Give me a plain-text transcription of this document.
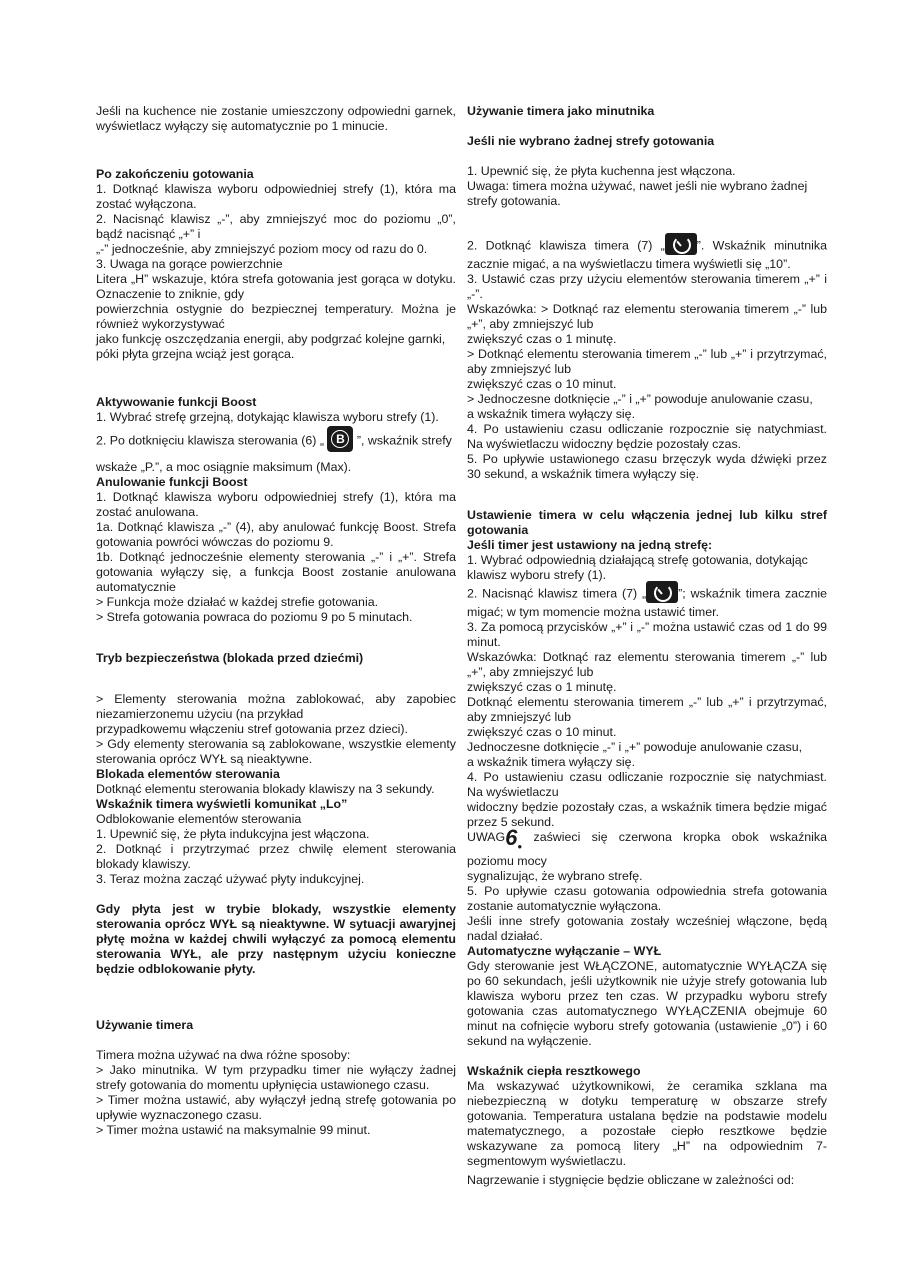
Jeśli na kuchence nie zostanie umieszczony odpowiedni garnek, wyświetlacz wyłączy się automatycznie po 1 minucie.

Po zakończeniu gotowania

1. Dotknąć klawisza wyboru odpowiedniej strefy (1), która ma zostać wyłączona.

2. Nacisnąć klawisz „-”, aby zmniejszyć moc do poziomu „0”, bądź nacisnąć „+” i

„-” jednocześnie, aby zmniejszyć poziom mocy od razu do 0.

3. Uwaga na gorące powierzchnie

Litera „H” wskazuje, która strefa gotowania jest gorąca w dotyku. Oznaczenie to zniknie, gdy

powierzchnia ostygnie do bezpiecznej temperatury. Można je również wykorzystywać

jako funkcję oszczędzania energii, aby podgrzać kolejne garnki,

póki płyta grzejna wciąż jest gorąca.

Aktywowanie funkcji Boost

1. Wybrać strefę grzejną, dotykając klawisza wyboru strefy (1).

2. Po dotknięciu klawisza sterowania (6) „	B ”, wskaźnik strefy

wskaże „P.”, a moc osiągnie maksimum (Max).

Anulowanie funkcji Boost

1. Dotknąć klawisza wyboru odpowiedniej strefy (1), która ma zostać anulowana.

1a. Dotknąć klawisza „-” (4), aby anulować funkcję Boost. Strefa gotowania powróci wówczas do poziomu 9.

1b. Dotknąć jednocześnie elementy sterowania „-” i „+”. Strefa gotowania wyłączy się, a funkcja Boost zostanie anulowana automatycznie

> Funkcja może działać w każdej strefie gotowania.

> Strefa gotowania powraca do poziomu 9 po 5 minutach.

Tryb bezpieczeństwa (blokada przed dziećmi)

> Elementy sterowania można zablokować, aby zapobiec niezamierzonemu użyciu (na przykład

przypadkowemu włączeniu stref gotowania przez dzieci).

> Gdy elementy sterowania są zablokowane, wszystkie elementy sterowania oprócz WYŁ są nieaktywne.

Blokada elementów sterowania

Dotknąć elementu sterowania blokady klawiszy na 3 sekundy.

Wskaźnik timera wyświetli komunikat „Lo”

Odblokowanie elementów sterowania

1. Upewnić się, że płyta indukcyjna jest włączona.

2. Dotknąć i przytrzymać przez chwilę element sterowania blokady klawiszy.

3. Teraz można zacząć używać płyty indukcyjnej.

Gdy płyta jest w trybie blokady, wszystkie elementy sterowania oprócz WYŁ są nieaktywne. W sytuacji awaryjnej płytę można w każdej chwili wyłączyć za pomocą elementu sterowania WYŁ, ale przy następnym użyciu konieczne będzie odblokowanie płyty.

Używanie timera

Timera można używać na dwa różne sposoby:

> Jako minutnika. W tym przypadku timer nie wyłączy żadnej strefy gotowania do momentu upłynięcia ustawionego czasu.

> Timer można ustawić, aby wyłączył jedną strefę gotowania po upływie wyznaczonego czasu.

> Timer można ustawić na maksymalnie 99 minut.

Używanie timera jako minutnika

Jeśli nie wybrano żadnej strefy gotowania

1. Upewnić się, że płyta kuchenna jest włączona.

Uwaga: timera można używać, nawet jeśli nie wybrano żadnej strefy gotowania.

2. Dotknąć klawisza timera (7) „	”. Wskaźnik minutnika zacznie migać, a na wyświetlaczu timera wyświetli się „10”.

3. Ustawić czas przy użyciu elementów sterowania timerem „+” i „-”.

Wskazówka: > Dotknąć raz elementu sterowania timerem „-” lub „+”, aby zmniejszyć lub

zwiększyć czas o 1 minutę.

> Dotknąć elementu sterowania timerem „-” lub „+” i przytrzymać, aby zmniejszyć lub

zwiększyć czas o 10 minut.

> Jednoczesne dotknięcie „-” i „+” powoduje anulowanie czasu,

a wskaźnik timera wyłączy się.

4. Po ustawieniu czasu odliczanie rozpocznie się natychmiast. Na wyświetlaczu widoczny będzie pozostały czas.

5. Po upływie ustawionego czasu brzęczyk wyda dźwięki przez 30 sekund, a wskaźnik timera wyłączy się.

Ustawienie timera w celu włączenia jednej lub kilku stref gotowania

Jeśli timer jest ustawiony na jedną strefę:

1. Wybrać odpowiednią działającą strefę gotowania, dotykając klawisz wyboru strefy (1).

2. Nacisnąć klawisz timera (7) „	”; wskaźnik timera zacznie migać; w tym momencie można ustawić timer.

3. Za pomocą przycisków „+” i „-” można ustawić czas od 1 do 99 minut.

Wskazówka: Dotknąć raz elementu sterowania timerem „-” lub „+”, aby zmniejszyć lub

zwiększyć czas o 1 minutę.

Dotknąć elementu sterowania timerem „-” lub „+” i przytrzymać, aby zmniejszyć lub

zwiększyć czas o 10 minut.

Jednoczesne dotknięcie „-” i „+” powoduje anulowanie czasu,

a wskaźnik timera wyłączy się.

4. Po ustawieniu czasu odliczanie rozpocznie się natychmiast. Na wyświetlaczu

widoczny będzie pozostały czas, a wskaźnik timera będzie migać przez 5 sekund.

UWAG6● zaświeci się czerwona kropka obok wskaźnika poziomu mocy

sygnalizując, że wybrano strefę.

5. Po upływie czasu gotowania odpowiednia strefa gotowania zostanie automatycznie wyłączona.

Jeśli inne strefy gotowania zostały wcześniej włączone, będą nadal działać.

Automatyczne wyłączanie – WYŁ

Gdy sterowanie jest WŁĄCZONE, automatycznie WYŁĄCZA się po 60 sekundach, jeśli użytkownik nie użyje strefy gotowania lub klawisza wyboru przez ten czas. W przypadku wyboru strefy gotowania czas automatycznego WYŁĄCZENIA obejmuje 60 minut na cofnięcie wyboru strefy gotowania (ustawienie „0”) i 60 sekund na wyłączenie.

Wskaźnik ciepła resztkowego

Ma wskazywać użytkownikowi, że ceramika szklana ma niebezpieczną w dotyku temperaturę w obszarze strefy gotowania. Temperatura ustalana będzie na podstawie modelu matematycznego, a pozostałe ciepło resztkowe będzie wskazywane za pomocą litery „H” na odpowiednim 7-segmentowym wyświetlaczu.

Nagrzewanie i stygnięcie będzie obliczane w zależności od:
